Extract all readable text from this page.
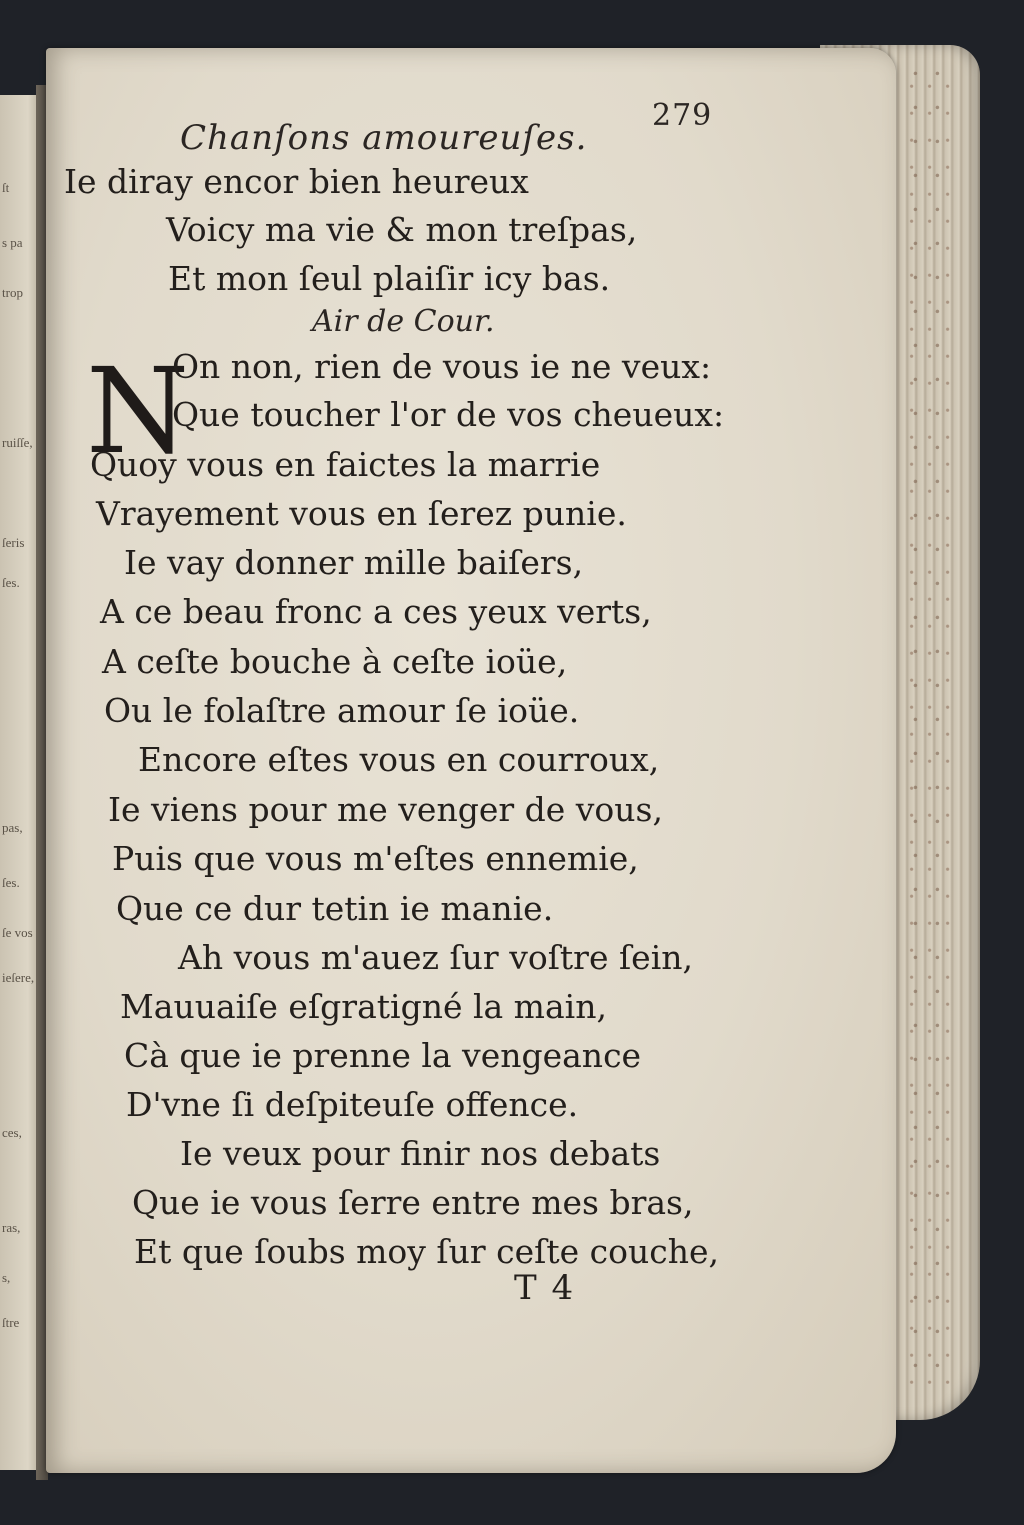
ſt
s pa
trop
ruiſſe,
ſeris
ſes.
pas,
ſes.
ſe vos
ieſere,
ces,
ras,
s,
ſtre
Chanſons amoureuſes.
279
Ie diray encor bien heureux
Voicy ma vie & mon treſpas,
Et mon ſeul plaiſir icy bas.
Air de Cour.
N
On non, rien de vous ie ne veux:
Que toucher l'or de vos cheueux:
Quoy vous en faictes la marrie
Vrayement vous en ſerez punie.
Ie vay donner mille baiſers,
A ce beau fronc a ces yeux verts,
A ceſte bouche à ceſte ioüe,
Ou le folaſtre amour ſe ioüe.
Encore eſtes vous en courroux,
Ie viens pour me venger de vous,
Puis que vous m'eſtes ennemie,
Que ce dur tetin ie manie.
Ah vous m'auez ſur voſtre ſein,
Mauuaiſe eſgratigné la main,
Cà que ie prenne la vengeance
D'vne ſi deſpiteuſe offence.
Ie veux pour finir nos debats
Que ie vous ſerre entre mes bras,
Et que ſoubs moy ſur ceſte couche,
T 4
